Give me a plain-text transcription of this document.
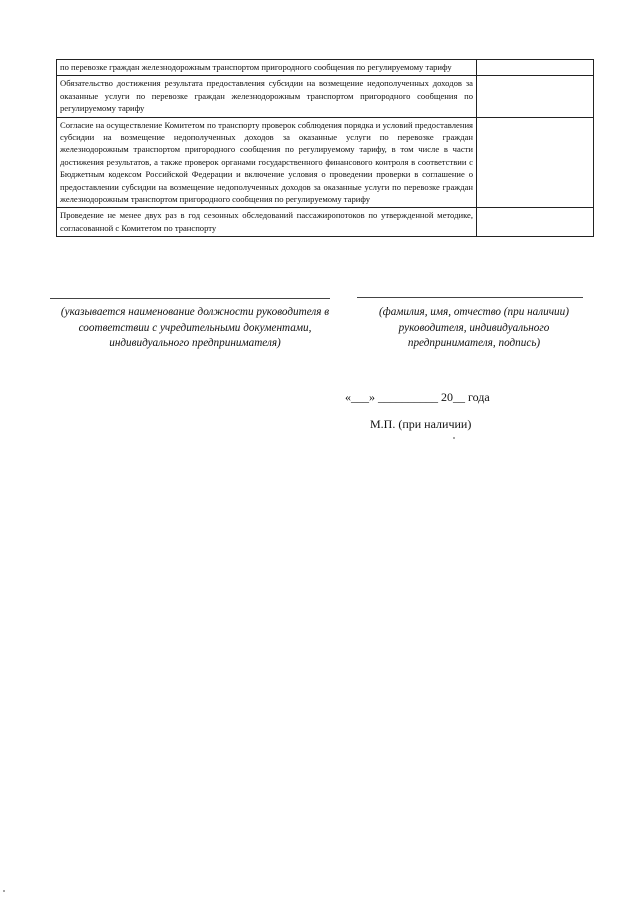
по перевозке граждан железнодорожным транспортом пригородного сообщения по регулируемому тарифу	
Обязательство достижения результата предоставления субсидии на возмещение недополученных доходов за оказанные услуги по перевозке граждан железнодорожным транспортом пригородного сообщения по регулируемому тарифу	
Согласие на осуществление Комитетом по транспорту проверок соблюдения порядка и условий предоставления субсидии на возмещение недополученных доходов за оказанные услуги по перевозке граждан железнодорожным транспортом пригородного сообщения по регулируемому тарифу, в том числе в части достижения результатов, а также проверок органами государственного финансового контроля в соответствии с Бюджетным кодексом Российской Федерации и включение условия о проведении проверки в соглашение о предоставлении субсидии на возмещение недополученных доходов за оказанные услуги по перевозке граждан железнодорожным транспортом пригородного сообщения по регулируемому тарифу	
Проведение не менее двух раз в год сезонных обследований пассажиропотоков по утвержденной методике, согласованной с Комитетом по транспорту	
(указывается наименование должности руководителя в соответствии с учредительными документами, индивидуального предпринимателя)
(фамилия, имя, отчество (при наличии) руководителя, индивидуального предпринимателя, подпись)
«___» __________ 20__ года
М.П. (при наличии)
